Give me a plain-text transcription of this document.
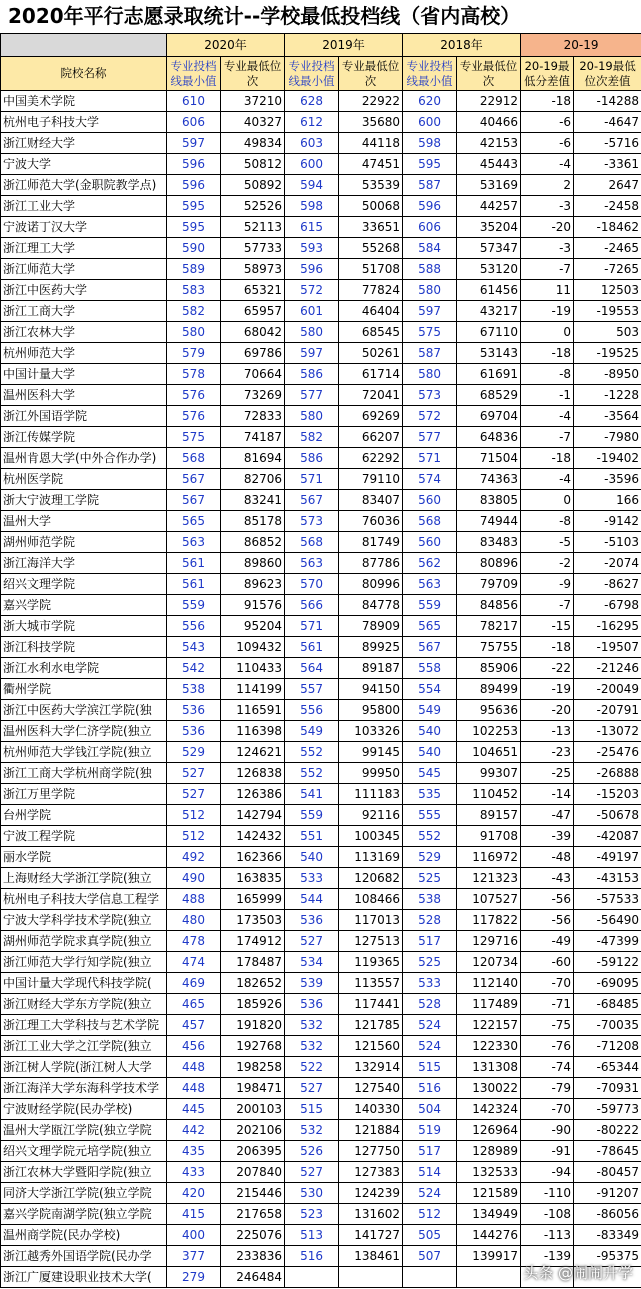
2020年平行志愿录取统计--学校最低投档线（省内高校）
	2020年		2019年		2018年		20-19	
院校名称	专业投档线最小值	专业最低位次	专业投档线最小值	专业最低位次	专业投档线最小值	专业最低位次	20-19最低分差值	20-19最低位次差值
中国美术学院	610	37210	628	22922	620	22912	-18	-14288
杭州电子科技大学	606	40327	612	35680	600	40466	-6	-4647
浙江财经大学	597	49834	603	44118	598	42153	-6	-5716
宁波大学	596	50812	600	47451	595	45443	-4	-3361
浙江师范大学(金职院教学点)	596	50892	594	53539	587	53169	2	2647
浙江工业大学	595	52526	598	50068	596	44257	-3	-2458
宁波诺丁汉大学	595	52113	615	33651	606	35204	-20	-18462
浙江理工大学	590	57733	593	55268	584	57347	-3	-2465
浙江师范大学	589	58973	596	51708	588	53120	-7	-7265
浙江中医药大学	583	65321	572	77824	580	61456	11	12503
浙江工商大学	582	65957	601	46404	597	43217	-19	-19553
浙江农林大学	580	68042	580	68545	575	67110	0	503
杭州师范大学	579	69786	597	50261	587	53143	-18	-19525
中国计量大学	578	70664	586	61714	580	61691	-8	-8950
温州医科大学	576	73269	577	72041	573	68529	-1	-1228
浙江外国语学院	576	72833	580	69269	572	69704	-4	-3564
浙江传媒学院	575	74187	582	66207	577	64836	-7	-7980
温州肯恩大学(中外合作办学)	568	81694	586	62292	571	71504	-18	-19402
杭州医学院	567	82706	571	79110	574	74363	-4	-3596
浙大宁波理工学院	567	83241	567	83407	560	83805	0	166
温州大学	565	85178	573	76036	568	74944	-8	-9142
湖州师范学院	563	86852	568	81749	560	83483	-5	-5103
浙江海洋大学	561	89860	563	87786	562	80896	-2	-2074
绍兴文理学院	561	89623	570	80996	563	79709	-9	-8627
嘉兴学院	559	91576	566	84778	559	84856	-7	-6798
浙大城市学院	556	95204	571	78909	565	78217	-15	-16295
浙江科技学院	543	109432	561	89925	567	75755	-18	-19507
浙江水利水电学院	542	110433	564	89187	558	85906	-22	-21246
衢州学院	538	114199	557	94150	554	89499	-19	-20049
浙江中医药大学滨江学院(独	536	116591	556	95800	549	95636	-20	-20791
温州医科大学仁济学院(独立	536	116398	549	103326	540	102253	-13	-13072
杭州师范大学钱江学院(独立	529	124621	552	99145	540	104651	-23	-25476
浙江工商大学杭州商学院(独	527	126838	552	99950	545	99307	-25	-26888
浙江万里学院	527	126386	541	111183	535	110452	-14	-15203
台州学院	512	142794	559	92116	555	89157	-47	-50678
宁波工程学院	512	142432	551	100345	552	91708	-39	-42087
丽水学院	492	162366	540	113169	529	116972	-48	-49197
上海财经大学浙江学院(独立	490	163835	533	120682	525	121323	-43	-43153
杭州电子科技大学信息工程学	488	165999	544	108466	538	107527	-56	-57533
宁波大学科学技术学院(独立	480	173503	536	117013	528	117822	-56	-56490
湖州师范学院求真学院(独立	478	174912	527	127513	517	129716	-49	-47399
浙江师范大学行知学院(独立	474	178487	534	119365	525	120734	-60	-59122
中国计量大学现代科技学院(	469	182652	539	113557	533	112140	-70	-69095
浙江财经大学东方学院(独立	465	185926	536	117441	528	117489	-71	-68485
浙江理工大学科技与艺术学院	457	191820	532	121785	524	122157	-75	-70035
浙江工业大学之江学院(独立	456	192768	532	121560	524	122330	-76	-71208
浙江树人学院(浙江树人大学	448	198258	522	132914	515	131308	-74	-65344
浙江海洋大学东海科学技术学	448	198471	527	127540	516	130022	-79	-70931
宁波财经学院(民办学校)	445	200103	515	140330	504	142324	-70	-59773
温州大学瓯江学院(独立学院	442	202106	532	121884	519	126964	-90	-80222
绍兴文理学院元培学院(独立	435	206395	526	127750	517	128989	-91	-78645
浙江农林大学暨阳学院(独立	433	207840	527	127383	514	132533	-94	-80457
同济大学浙江学院(独立学院	420	215446	530	124239	524	121589	-110	-91207
嘉兴学院南湖学院(独立学院	415	217658	523	131602	512	134949	-108	-86056
温州商学院(民办学校)	400	225076	513	141727	505	144276	-113	-83349
浙江越秀外国语学院(民办学	377	233836	516	138461	507	139917	-139	-95375
浙江广厦建设职业技术大学(	279	246484							头条 @闹闹升学
